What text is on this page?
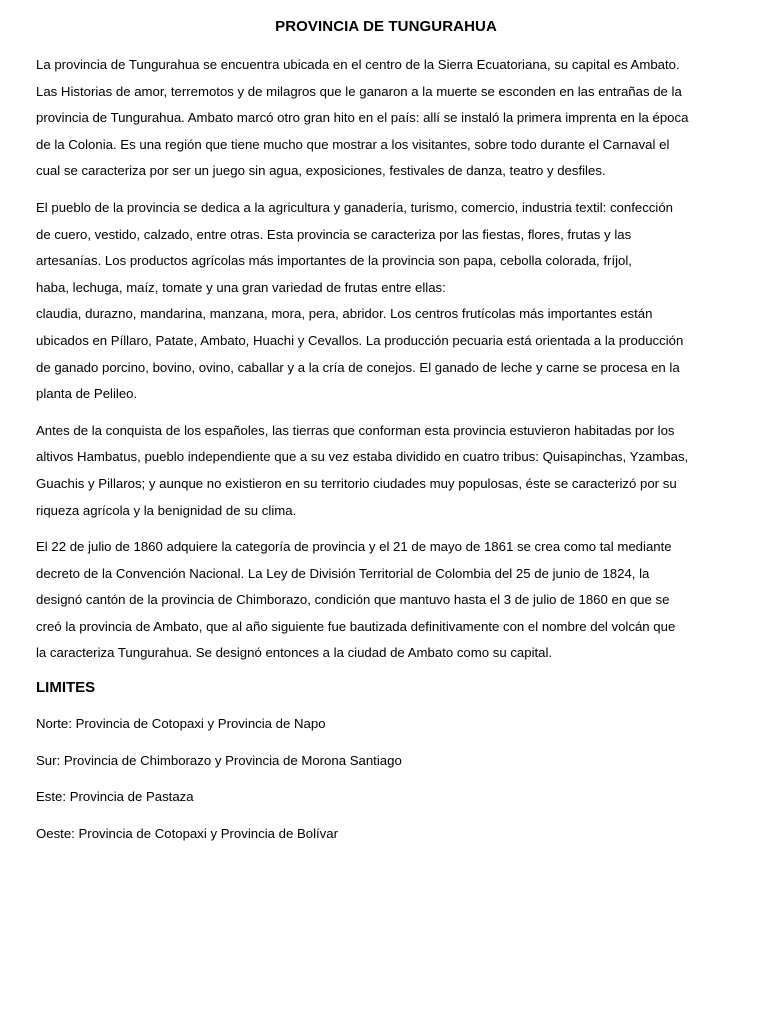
PROVINCIA DE TUNGURAHUA
La provincia de Tungurahua se encuentra ubicada en el centro de la Sierra Ecuatoriana, su capital es Ambato.
Las Historias de amor, terremotos y de milagros que le ganaron a la muerte se esconden en las entrañas de la
provincia de Tungurahua. Ambato marcó otro gran hito en el país: allí se instaló la primera imprenta en la época
de la Colonia. Es una región que tiene mucho que mostrar a los visitantes, sobre todo durante el Carnaval el
cual se caracteriza por ser un juego sin agua, exposiciones, festivales de danza, teatro y desfiles.
El pueblo de la provincia se dedica a la agricultura y ganadería, turismo, comercio, industria textil: confección
de cuero, vestido, calzado, entre otras. Esta provincia se caracteriza por las fiestas, flores, frutas y las
artesanías. Los productos agrícolas más importantes de la provincia son papa, cebolla colorada, fríjol,
haba, lechuga, maíz, tomate y una gran variedad de frutas entre ellas:
claudia, durazno, mandarina, manzana, mora, pera, abridor. Los centros frutícolas más importantes están
ubicados en Píllaro, Patate, Ambato, Huachi y Cevallos. La producción pecuaria está orientada a la producción
de ganado porcino, bovino, ovino, caballar y a la cría de conejos. El ganado de leche y carne se procesa en la
planta de Pelileo.
Antes de la conquista de los españoles, las tierras que conforman esta provincia estuvieron habitadas por los
altivos Hambatus, pueblo independiente que a su vez estaba dividido en cuatro tribus: Quisapinchas, Yzambas,
Guachis y Pillaros; y aunque no existieron en su territorio ciudades muy populosas, éste se caracterizó por su
riqueza agrícola y la benignidad de su clima.
El 22 de julio de 1860 adquiere la categoría de provincia y el 21 de mayo de 1861 se crea como tal mediante
decreto de la Convención Nacional. La Ley de División Territorial de Colombia del 25 de junio de 1824, la
designó cantón de la provincia de Chimborazo, condición que mantuvo hasta el 3 de julio de 1860 en que se
creó la provincia de Ambato, que al año siguiente fue bautizada definitivamente con el nombre del volcán que
la caracteriza Tungurahua. Se designó entonces a la ciudad de Ambato como su capital.
LIMITES
Norte: Provincia de Cotopaxi y Provincia de Napo
Sur: Provincia de Chimborazo y Provincia de Morona Santiago
Este: Provincia de Pastaza
Oeste: Provincia de Cotopaxi y Provincia de Bolívar
